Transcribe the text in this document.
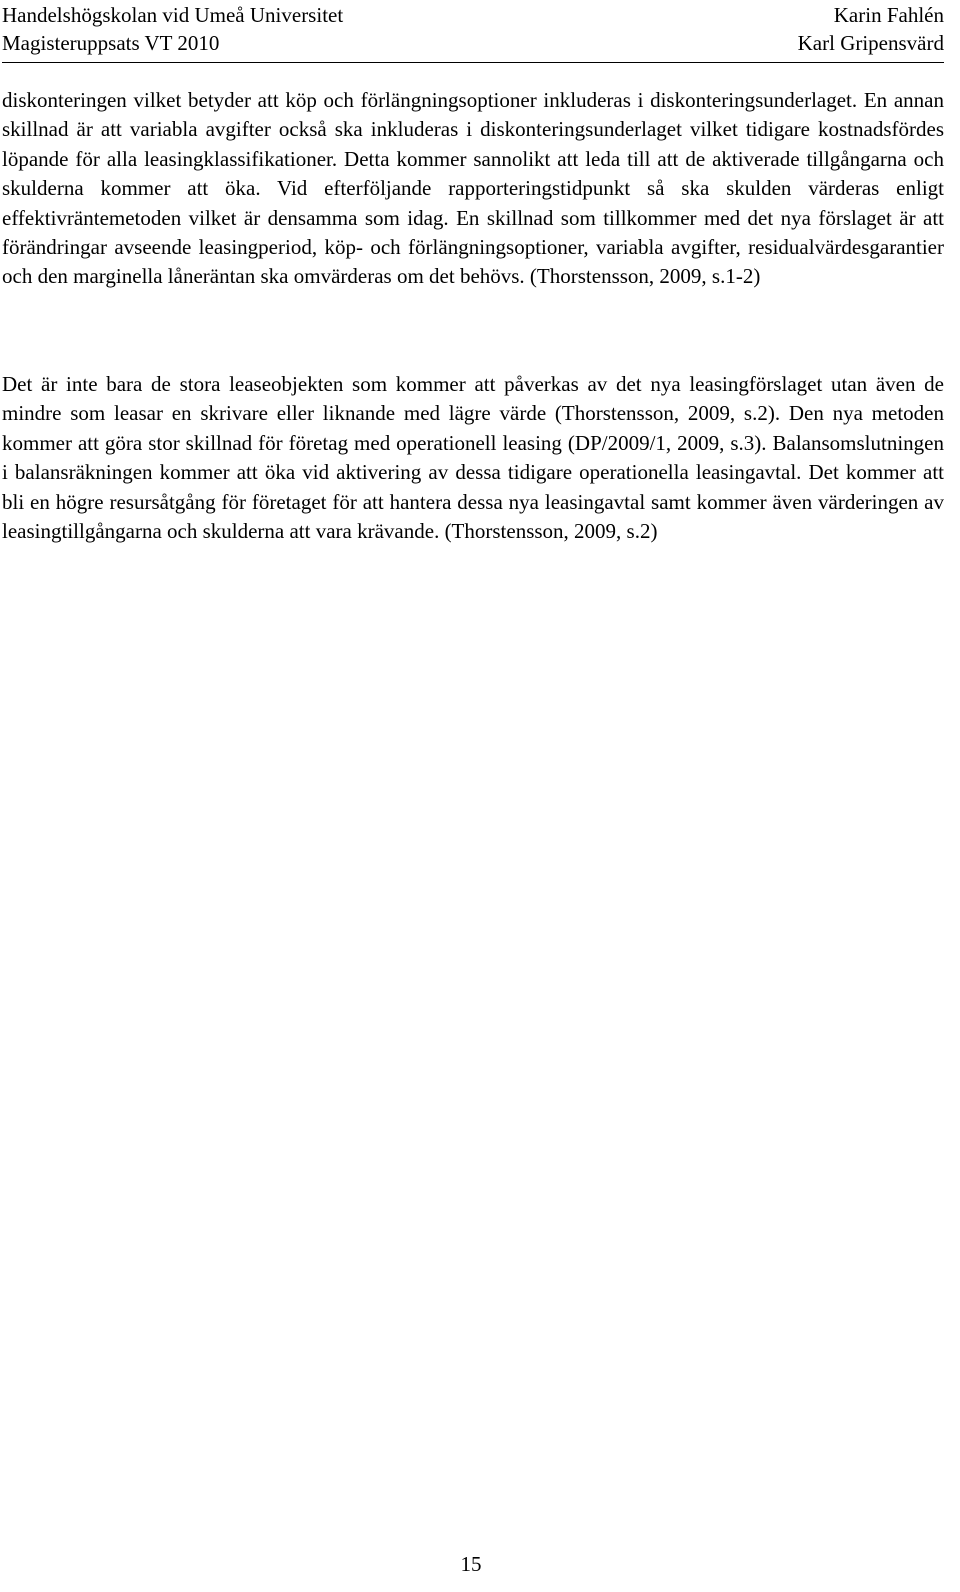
Handelshögskolan vid Umeå Universitet
Magisteruppsats VT 2010
Karin Fahlén
Karl Gripensvärd

diskonteringen vilket betyder att köp och förlängningsoptioner inkluderas i diskonteringsunderlaget. En annan skillnad är att variabla avgifter också ska inkluderas i diskonteringsunderlaget vilket tidigare kostnadsfördes löpande för alla leasingklassifikationer. Detta kommer sannolikt att leda till att de aktiverade tillgångarna och skulderna kommer att öka. Vid efterföljande rapporteringstidpunkt så ska skulden värderas enligt effektivräntemetoden vilket är densamma som idag. En skillnad som tillkommer med det nya förslaget är att förändringar avseende leasingperiod, köp- och förlängningsoptioner, variabla avgifter, residualvärdesgarantier och den marginella låneräntan ska omvärderas om det behövs. (Thorstensson, 2009, s.1-2)

Det är inte bara de stora leaseobjekten som kommer att påverkas av det nya leasingförslaget utan även de mindre som leasar en skrivare eller liknande med lägre värde (Thorstensson, 2009, s.2). Den nya metoden kommer att göra stor skillnad för företag med operationell leasing (DP/2009/1, 2009, s.3). Balansomslutningen i balansräkningen kommer att öka vid aktivering av dessa tidigare operationella leasingavtal. Det kommer att bli en högre resursåtgång för företaget för att hantera dessa nya leasingavtal samt kommer även värderingen av leasingtillgångarna och skulderna att vara krävande. (Thorstensson, 2009, s.2)

15
